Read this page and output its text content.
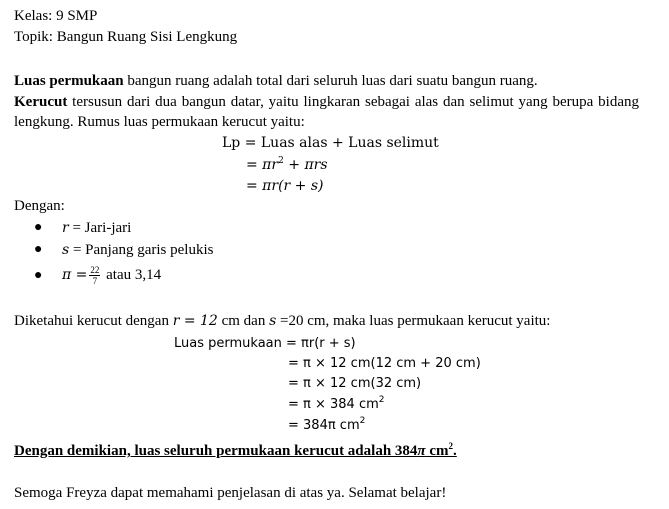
Kelas: 9 SMP
Topik: Bangun Ruang Sisi Lengkung
Luas permukaan bangun ruang adalah total dari seluruh luas dari suatu bangun ruang.
Kerucut tersusun dari dua bangun datar, yaitu lingkaran sebagai alas dan selimut yang berupa bidang lengkung. Rumus luas permukaan kerucut yaitu:
Lp = Luas alas + Luas selimut
= $\pi r^2 + \pi rs$
= πr(r + s)
Dengan:
● r = Jari-jari
● s = Panjang garis pelukis
● $\pi = \frac{22}{7}$ atau 3,14
Diketahui kerucut dengan r = 12 cm dan s =20 cm, maka luas permukaan kerucut yaitu:
Luas permukaan = πr(r + s)
= π × 12 cm(12 cm + 20 cm)
= π × 12 cm(32 cm)
= π × 384 $cm^2$
= 384π $cm^2$
Dengan demikian, luas seluruh permukaan kerucut adalah 384π $cm^2$.
Semoga Freyza dapat memahami penjelasan di atas ya. Selamat belajar!
